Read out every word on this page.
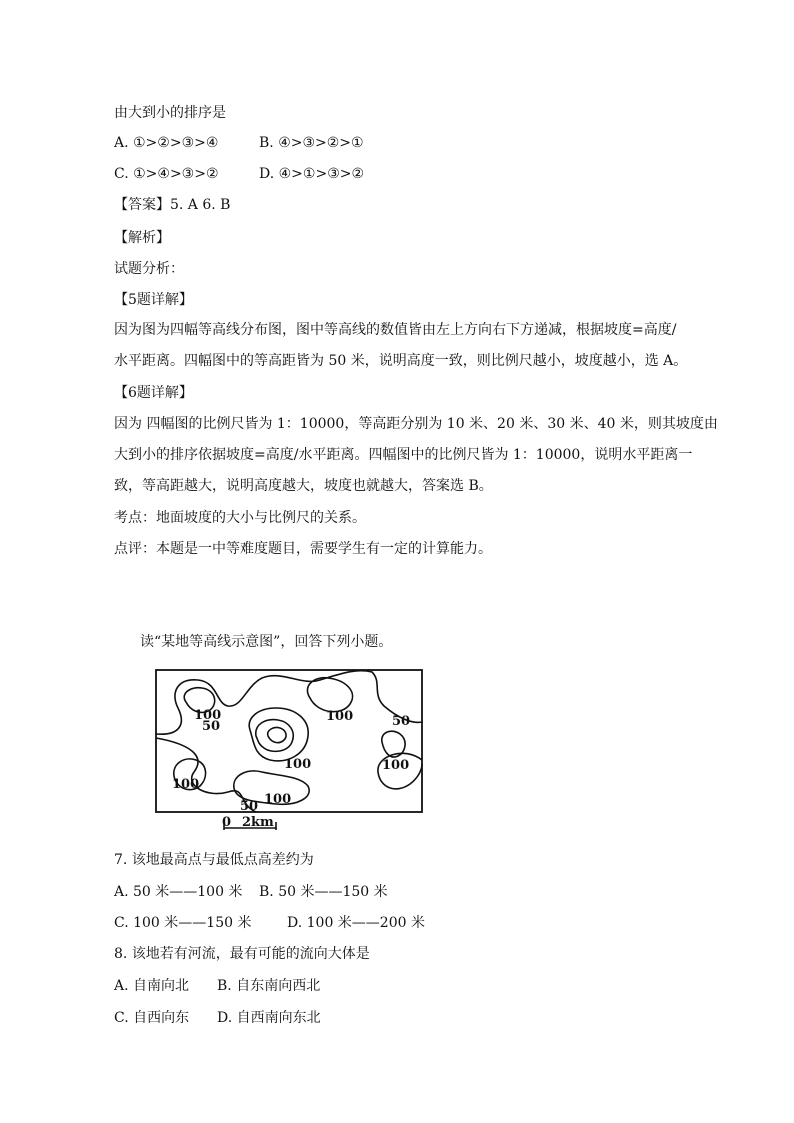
由大到小的排序是
A. ①>②>③>④	B. ④>③>②>①
C. ①>④>③>②	D. ④>①>③>②
【答案】5. A 6. B
【解析】
试题分析：
【5题详解】
因为图为四幅等高线分布图，图中等高线的数值皆由左上方向右下方递减，根据坡度=高度/
水平距离。四幅图中的等高距皆为 50 米，说明高度一致，则比例尺越小，坡度越小，选 A。
【6题详解】
因为 四幅图的比例尺皆为 1：10000，等高距分别为 10 米、20 米、30 米、40 米，则其坡度由
大到小的排序依据坡度=高度/水平距离。四幅图中的比例尺皆为 1：10000，说明水平距离一
致，等高距越大，说明高度越大，坡度也就越大，答案选 B。
考点：地面坡度的大小与比例尺的关系。
点评：本题是一中等难度题目，需要学生有一定的计算能力。
读“某地等高线示意图”，回答下列小题。
100
50
100	50
100	100
100
50 100
0 2km
7. 该地最高点与最低点高差约为
A. 50 米——100 米 B. 50 米——150 米
C. 100 米——150 米	D. 100 米——200 米
8. 该地若有河流，最有可能的流向大体是
A. 自南向北 B. 自东南向西北
C. 自西向东 D. 自西南向东北
